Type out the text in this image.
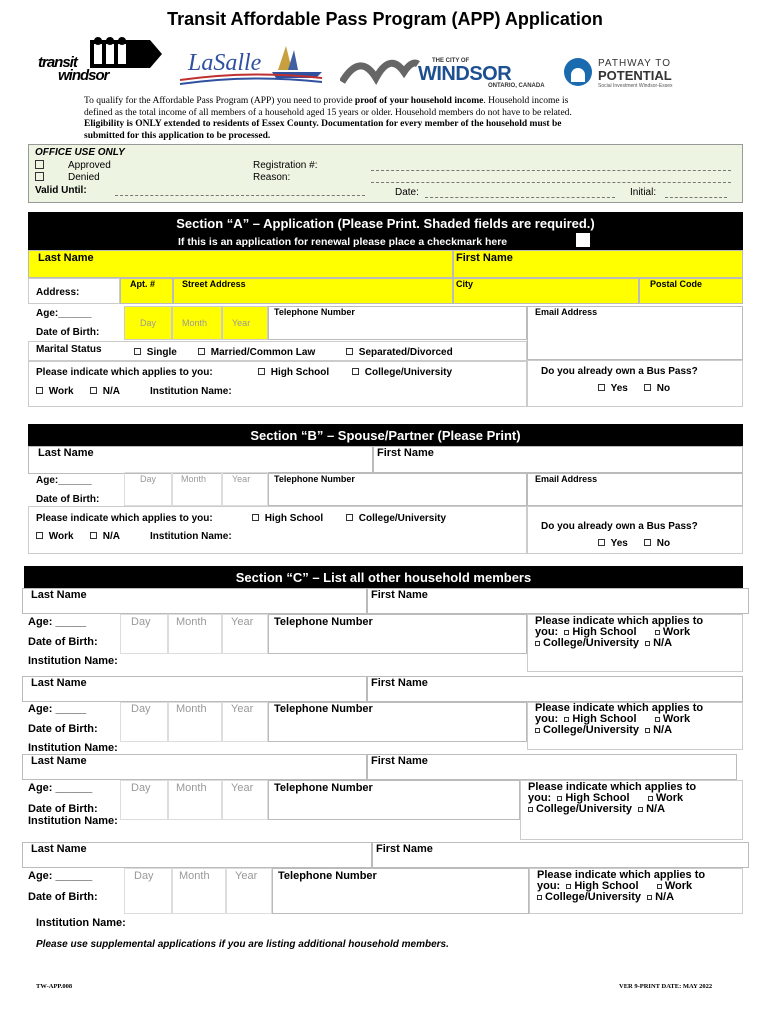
Transit Affordable Pass Program (APP) Application
transit
windsor	LaSalle	THE CITY OF
WINDSOR
ONTARIO, CANADA
PATHWAY TO
POTENTIAL
Social Investment Windsor-Essex
To qualify for the Affordable Pass Program (APP) you need to provide proof of your household income. Household income is
defined as the total income of all members of a household aged 15 years or older. Household members do not have to be related.
Eligibility is ONLY extended to residents of Essex County. Documentation for every member of the household must be
submitted for this application to be processed.
OFFICE USE ONLY
Approved
Denied
Valid Until:
Registration #:
Reason:
Date:	Initial:
Section “A” – Application (Please Print. Shaded fields are required.)
If this is an application for renewal please place a checkmark here
Last Name	First Name
Address:
Apt. #	Street Address	City	Postal Code
Age:______
Day	Month	Year
Telephone Number	Email Address
Date of Birth:
Marital Status	Single	Married/Common Law	Separated/Divorced
Please indicate which applies to you:	High School	College/University
Work	N/A	Institution Name:
Do you already own a Bus Pass?
Yes	No
Section “B” – Spouse/Partner (Please Print)
Last Name	First Name
Age:______	Day	Month	Year	Telephone Number	Email Address
Date of Birth:
Please indicate which applies to you:	High School	College/University
Work	N/A	Institution Name:
Do you already own a Bus Pass?
Yes	No
Section “C” – List all other household members
Last Name	First Name
Age: _____	Day Month Year Telephone Number
Date of Birth:
Institution Name:
Please indicate which applies to
you: High School Work
College/University N/A
Last Name	First Name
Age: _____	Day Month Year Telephone Number
Date of Birth:
Institution Name:
Please indicate which applies to
you: High School Work
College/University N/A
Last Name	First Name
Age: ______	Day Month Year Telephone Number
Date of Birth:
Institution Name:
Please indicate which applies to
you: High School Work
College/University N/A
Last Name	First Name
Age: ______	Day Month Year Telephone Number
Date of Birth:
Institution Name:
Please indicate which applies to
you: High School Work
College/University N/A
Please use supplemental applications if you are listing additional household members.
TW-APP.008	VER 9-PRINT DATE: MAY 2022
